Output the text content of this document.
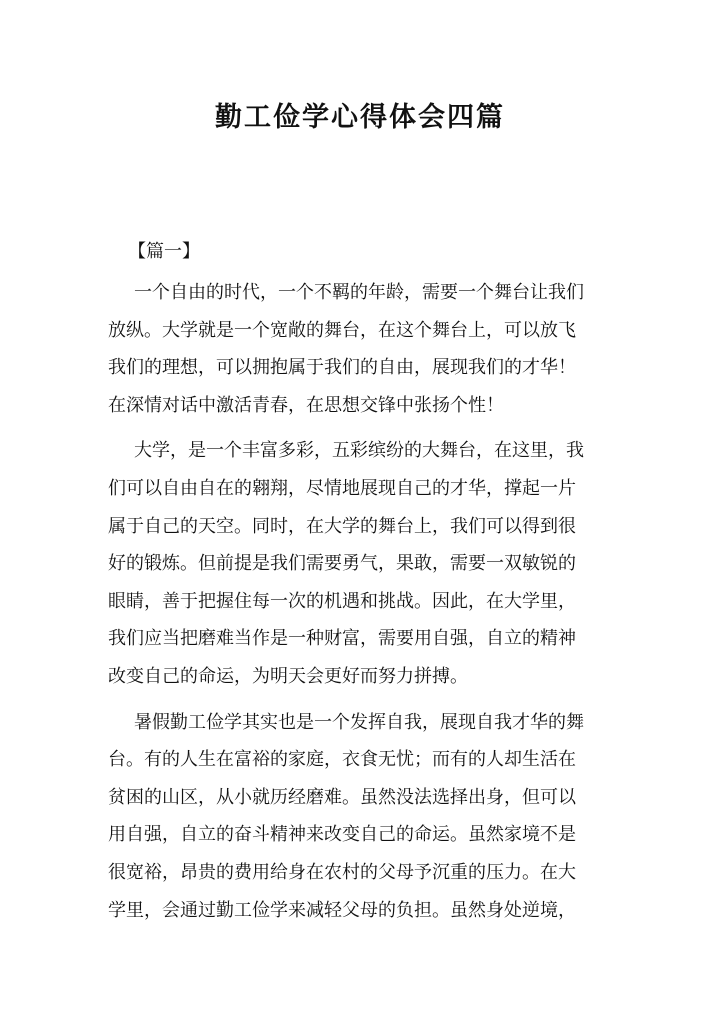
勤工俭学心得体会四篇
【篇一】
一个自由的时代，一个不羁的年龄，需要一个舞台让我们
放纵。大学就是一个宽敞的舞台，在这个舞台上，可以放飞
我们的理想，可以拥抱属于我们的自由，展现我们的才华！
在深情对话中激活青春，在思想交锋中张扬个性！
大学，是一个丰富多彩，五彩缤纷的大舞台，在这里，我
们可以自由自在的翱翔，尽情地展现自己的才华，撑起一片
属于自己的天空。同时，在大学的舞台上，我们可以得到很
好的锻炼。但前提是我们需要勇气，果敢，需要一双敏锐的
眼睛，善于把握住每一次的机遇和挑战。因此，在大学里，
我们应当把磨难当作是一种财富，需要用自强，自立的精神
改变自己的命运，为明天会更好而努力拼搏。
暑假勤工俭学其实也是一个发挥自我，展现自我才华的舞
台。有的人生在富裕的家庭，衣食无忧；而有的人却生活在
贫困的山区，从小就历经磨难。虽然没法选择出身，但可以
用自强，自立的奋斗精神来改变自己的命运。虽然家境不是
很宽裕，昂贵的费用给身在农村的父母予沉重的压力。在大
学里，会通过勤工俭学来减轻父母的负担。虽然身处逆境，
